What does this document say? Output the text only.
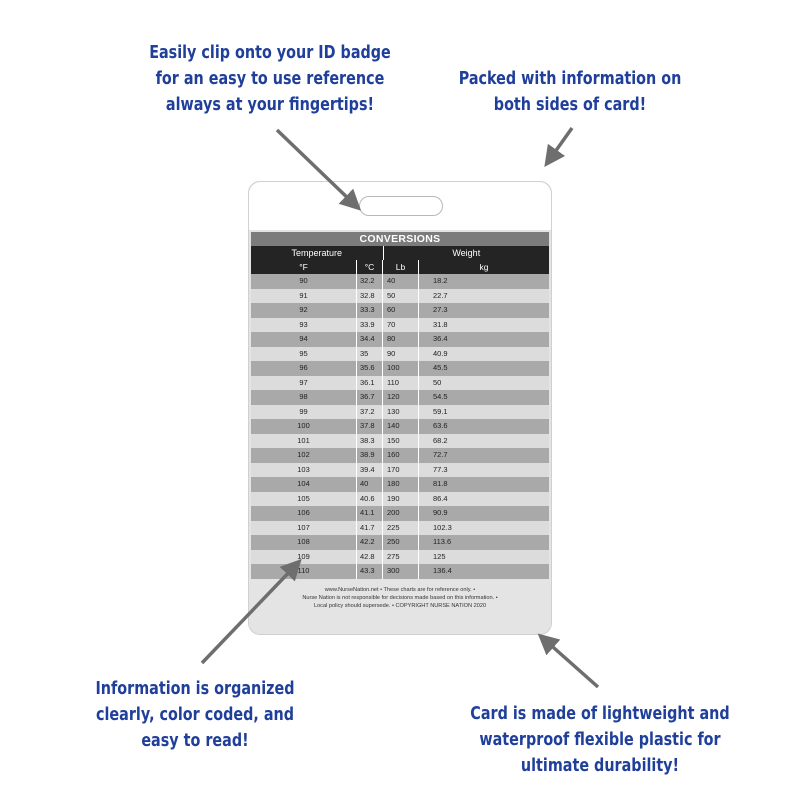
Easily clip onto your ID badge
for an easy to use reference
always at your fingertips!
Packed with information on
both sides of card!
Information is organized
clearly, color coded, and
easy to read!
Card is made of lightweight and
waterproof flexible plastic for
ultimate durability!
CONVERSIONS
Temperature	Weight
°F	°C	Lb	kg
90	32.2	40	18.2
91	32.8	50	22.7
92	33.3	60	27.3
93	33.9	70	31.8
94	34.4	80	36.4
95	35	90	40.9
96	35.6	100	45.5
97	36.1	110	50
98	36.7	120	54.5
99	37.2	130	59.1
100	37.8	140	63.6
101	38.3	150	68.2
102	38.9	160	72.7
103	39.4	170	77.3
104	40	180	81.8
105	40.6	190	86.4
106	41.1	200	90.9
107	41.7	225	102.3
108	42.2	250	113.6
109	42.8	275	125
110	43.3	300	136.4
www.NurseNation.net • These charts are for reference only. •
Nurse Nation is not responsible for decisions made based on this information. •
Local policy should supersede. • COPYRIGHT NURSE NATION 2020
